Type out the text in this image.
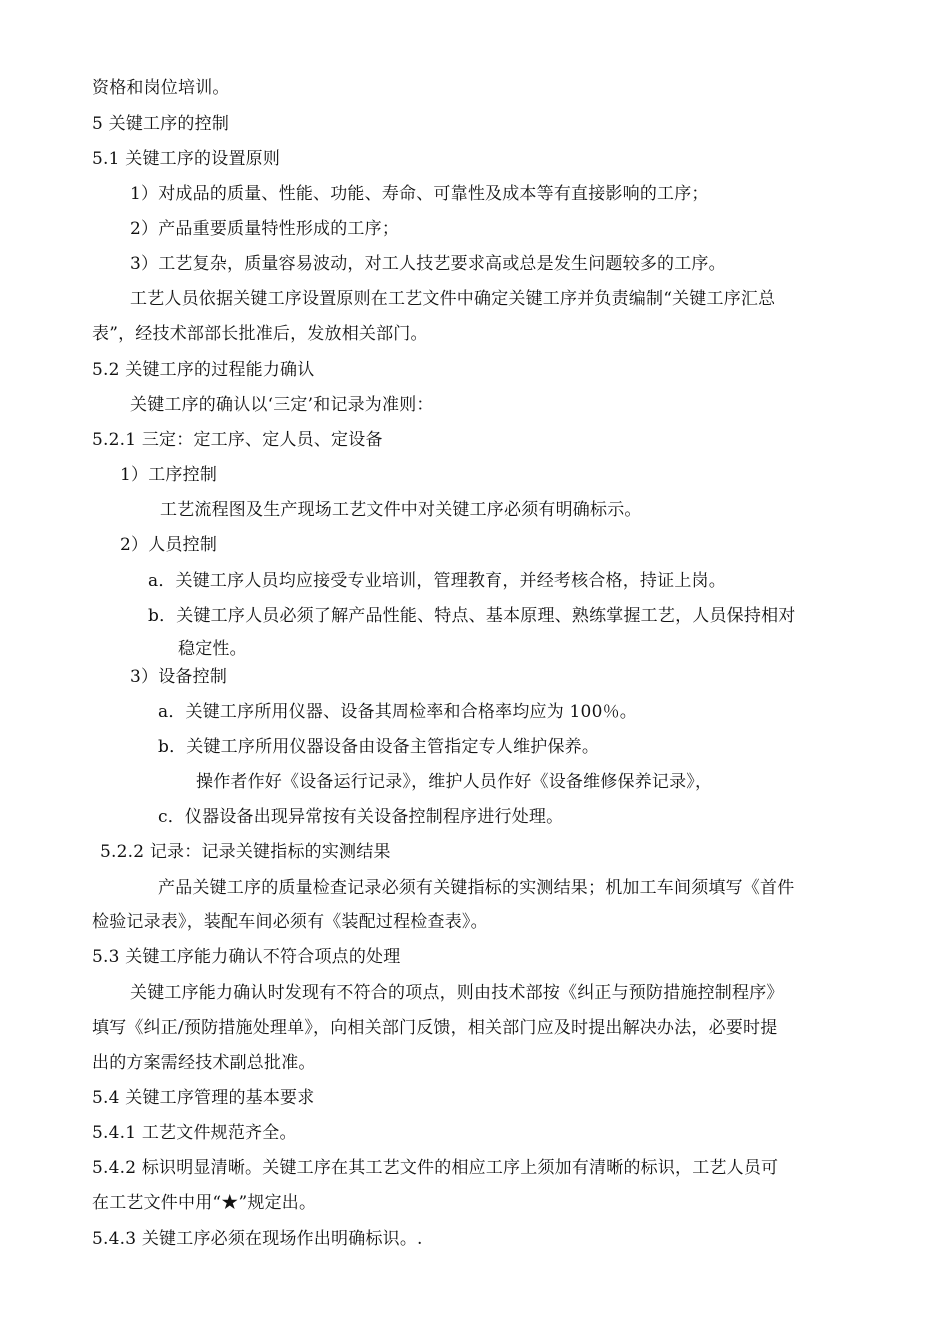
资格和岗位培训。
5 关键工序的控制
5.1 关键工序的设置原则
1）对成品的质量、性能、功能、寿命、可靠性及成本等有直接影响的工序；
2）产品重要质量特性形成的工序；
3）工艺复杂，质量容易波动，对工人技艺要求高或总是发生问题较多的工序。
工艺人员依据关键工序设置原则在工艺文件中确定关键工序并负责编制“关键工序汇总
表”，经技术部部长批准后，发放相关部门。
5.2 关键工序的过程能力确认
关键工序的确认以‘三定’和记录为准则：
5.2.1 三定：定工序、定人员、定设备
1）工序控制
工艺流程图及生产现场工艺文件中对关键工序必须有明确标示。
2）人员控制
a．关键工序人员均应接受专业培训，管理教育，并经考核合格，持证上岗。
b．关键工序人员必须了解产品性能、特点、基本原理、熟练掌握工艺，人员保持相对
稳定性。
3）设备控制
a．关键工序所用仪器、设备其周检率和合格率均应为 100％。
b．关键工序所用仪器设备由设备主管指定专人维护保养。
操作者作好《设备运行记录》，维护人员作好《设备维修保养记录》，
c．仪器设备出现异常按有关设备控制程序进行处理。
5.2.2 记录：记录关键指标的实测结果
产品关键工序的质量检查记录必须有关键指标的实测结果；机加工车间须填写《首件
检验记录表》，装配车间必须有《装配过程检查表》。
5.3 关键工序能力确认不符合项点的处理
关键工序能力确认时发现有不符合的项点，则由技术部按《纠正与预防措施控制程序》
填写《纠正/预防措施处理单》，向相关部门反馈，相关部门应及时提出解决办法，必要时提
出的方案需经技术副总批准。
5.4 关键工序管理的基本要求
5.4.1 工艺文件规范齐全。
5.4.2 标识明显清晰。关键工序在其工艺文件的相应工序上须加有清晰的标识，工艺人员可
在工艺文件中用“★”规定出。
5.4.3 关键工序必须在现场作出明确标识。.
